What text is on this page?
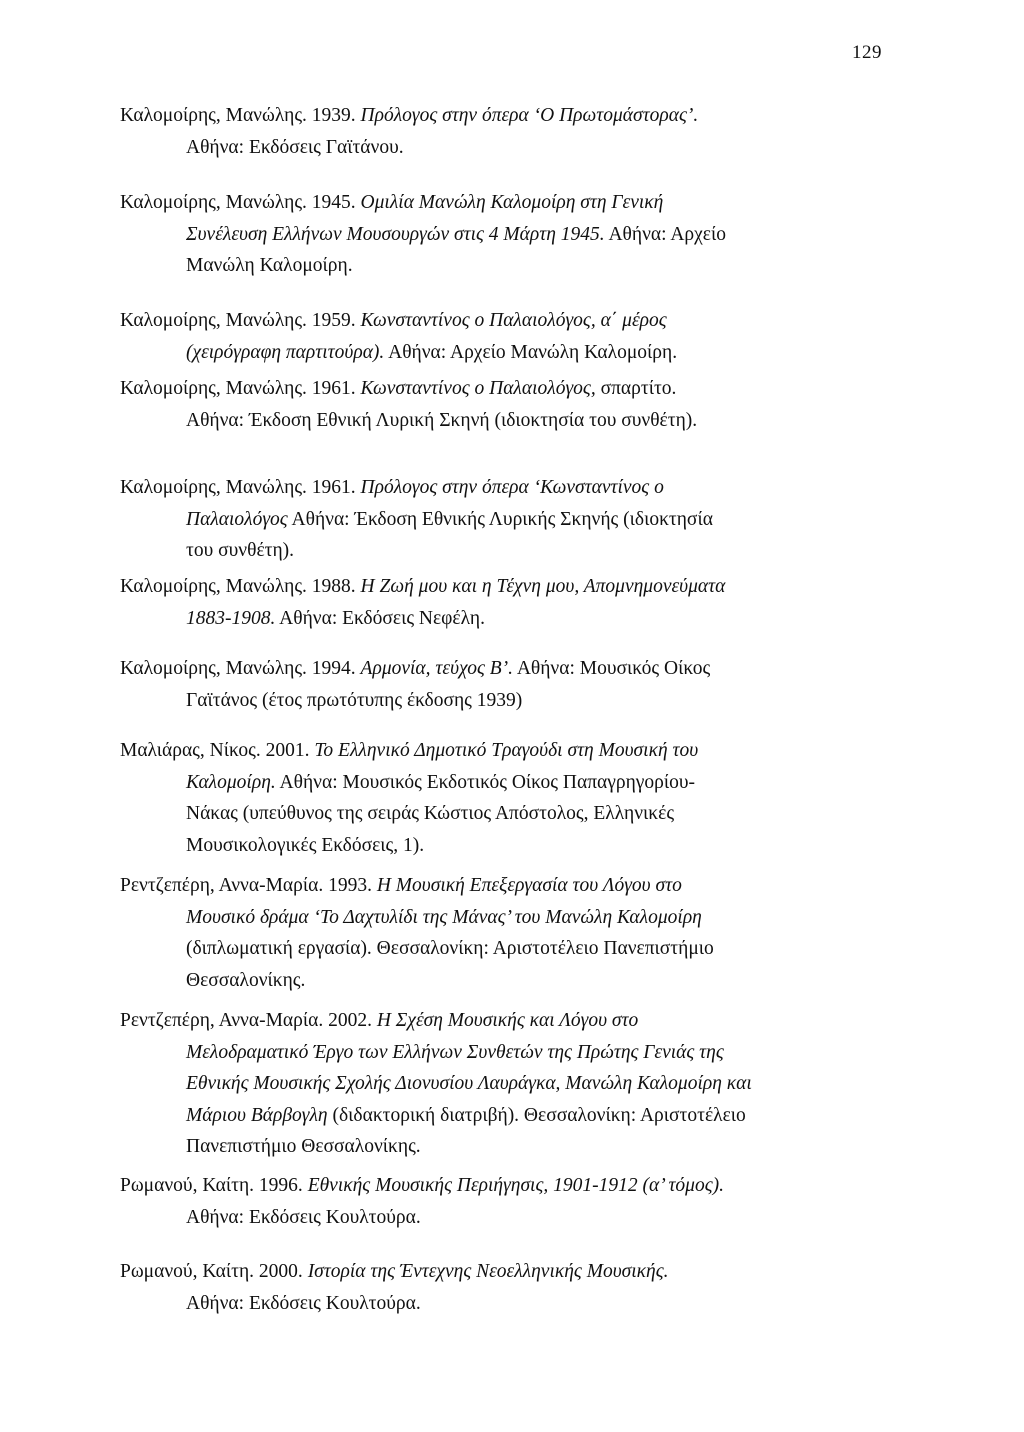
129
Καλομοίρης, Μανώλης. 1939. Πρόλογος στην όπερα ‘Ο Πρωτομάστορας’.
Αθήνα: Εκδόσεις Γαϊτάνου.
Καλομοίρης, Μανώλης. 1945. Ομιλία Μανώλη Καλομοίρη στη Γενική
Συνέλευση Ελλήνων Μουσουργών στις 4 Μάρτη 1945. Αθήνα: Αρχείο
Μανώλη Καλομοίρη.
Καλομοίρης, Μανώλης. 1959. Κωνσταντίνος ο Παλαιολόγος, α΄ μέρος
(χειρόγραφη παρτιτούρα). Αθήνα: Αρχείο Μανώλη Καλομοίρη.
Καλομοίρης, Μανώλης. 1961. Κωνσταντίνος ο Παλαιολόγος, σπαρτίτο.
Αθήνα: Έκδοση Εθνική Λυρική Σκηνή (ιδιοκτησία του συνθέτη).
Καλομοίρης, Μανώλης. 1961. Πρόλογος στην όπερα ‘Κωνσταντίνος ο
Παλαιολόγος Αθήνα: Έκδοση Εθνικής Λυρικής Σκηνής (ιδιοκτησία
του συνθέτη).
Καλομοίρης, Μανώλης. 1988. Η Ζωή μου και η Τέχνη μου, Απομνημονεύματα
1883-1908. Αθήνα: Εκδόσεις Νεφέλη.
Καλομοίρης, Μανώλης. 1994. Αρμονία, τεύχος Β’. Αθήνα: Μουσικός Οίκος
Γαϊτάνος (έτος πρωτότυπης έκδοσης 1939)
Μαλιάρας, Νίκος. 2001. Το Ελληνικό Δημοτικό Τραγούδι στη Μουσική του
Καλομοίρη. Αθήνα: Μουσικός Εκδοτικός Οίκος Παπαγρηγορίου-
Νάκας (υπεύθυνος της σειράς Κώστιος Απόστολος, Ελληνικές
Μουσικολογικές Εκδόσεις, 1).
Ρεντζεπέρη, Αννα-Μαρία. 1993. Η Μουσική Επεξεργασία του Λόγου στο
Μουσικό δράμα ‘Το Δαχτυλίδι της Μάνας’ του Μανώλη Καλομοίρη
(διπλωματική εργασία). Θεσσαλονίκη: Αριστοτέλειο Πανεπιστήμιο
Θεσσαλονίκης.
Ρεντζεπέρη, Αννα-Μαρία. 2002. Η Σχέση Μουσικής και Λόγου στο
Μελοδραματικό Έργο των Ελλήνων Συνθετών της Πρώτης Γενιάς της
Εθνικής Μουσικής Σχολής Διονυσίου Λαυράγκα, Μανώλη Καλομοίρη και
Μάριου Βάρβογλη (διδακτορική διατριβή). Θεσσαλονίκη: Αριστοτέλειο
Πανεπιστήμιο Θεσσαλονίκης.
Ρωμανού, Καίτη. 1996. Εθνικής Μουσικής Περιήγησις, 1901-1912 (α’ τόμος).
Αθήνα: Εκδόσεις Κουλτούρα.
Ρωμανού, Καίτη. 2000. Ιστορία της Έντεχνης Νεοελληνικής Μουσικής.
Αθήνα: Εκδόσεις Κουλτούρα.
